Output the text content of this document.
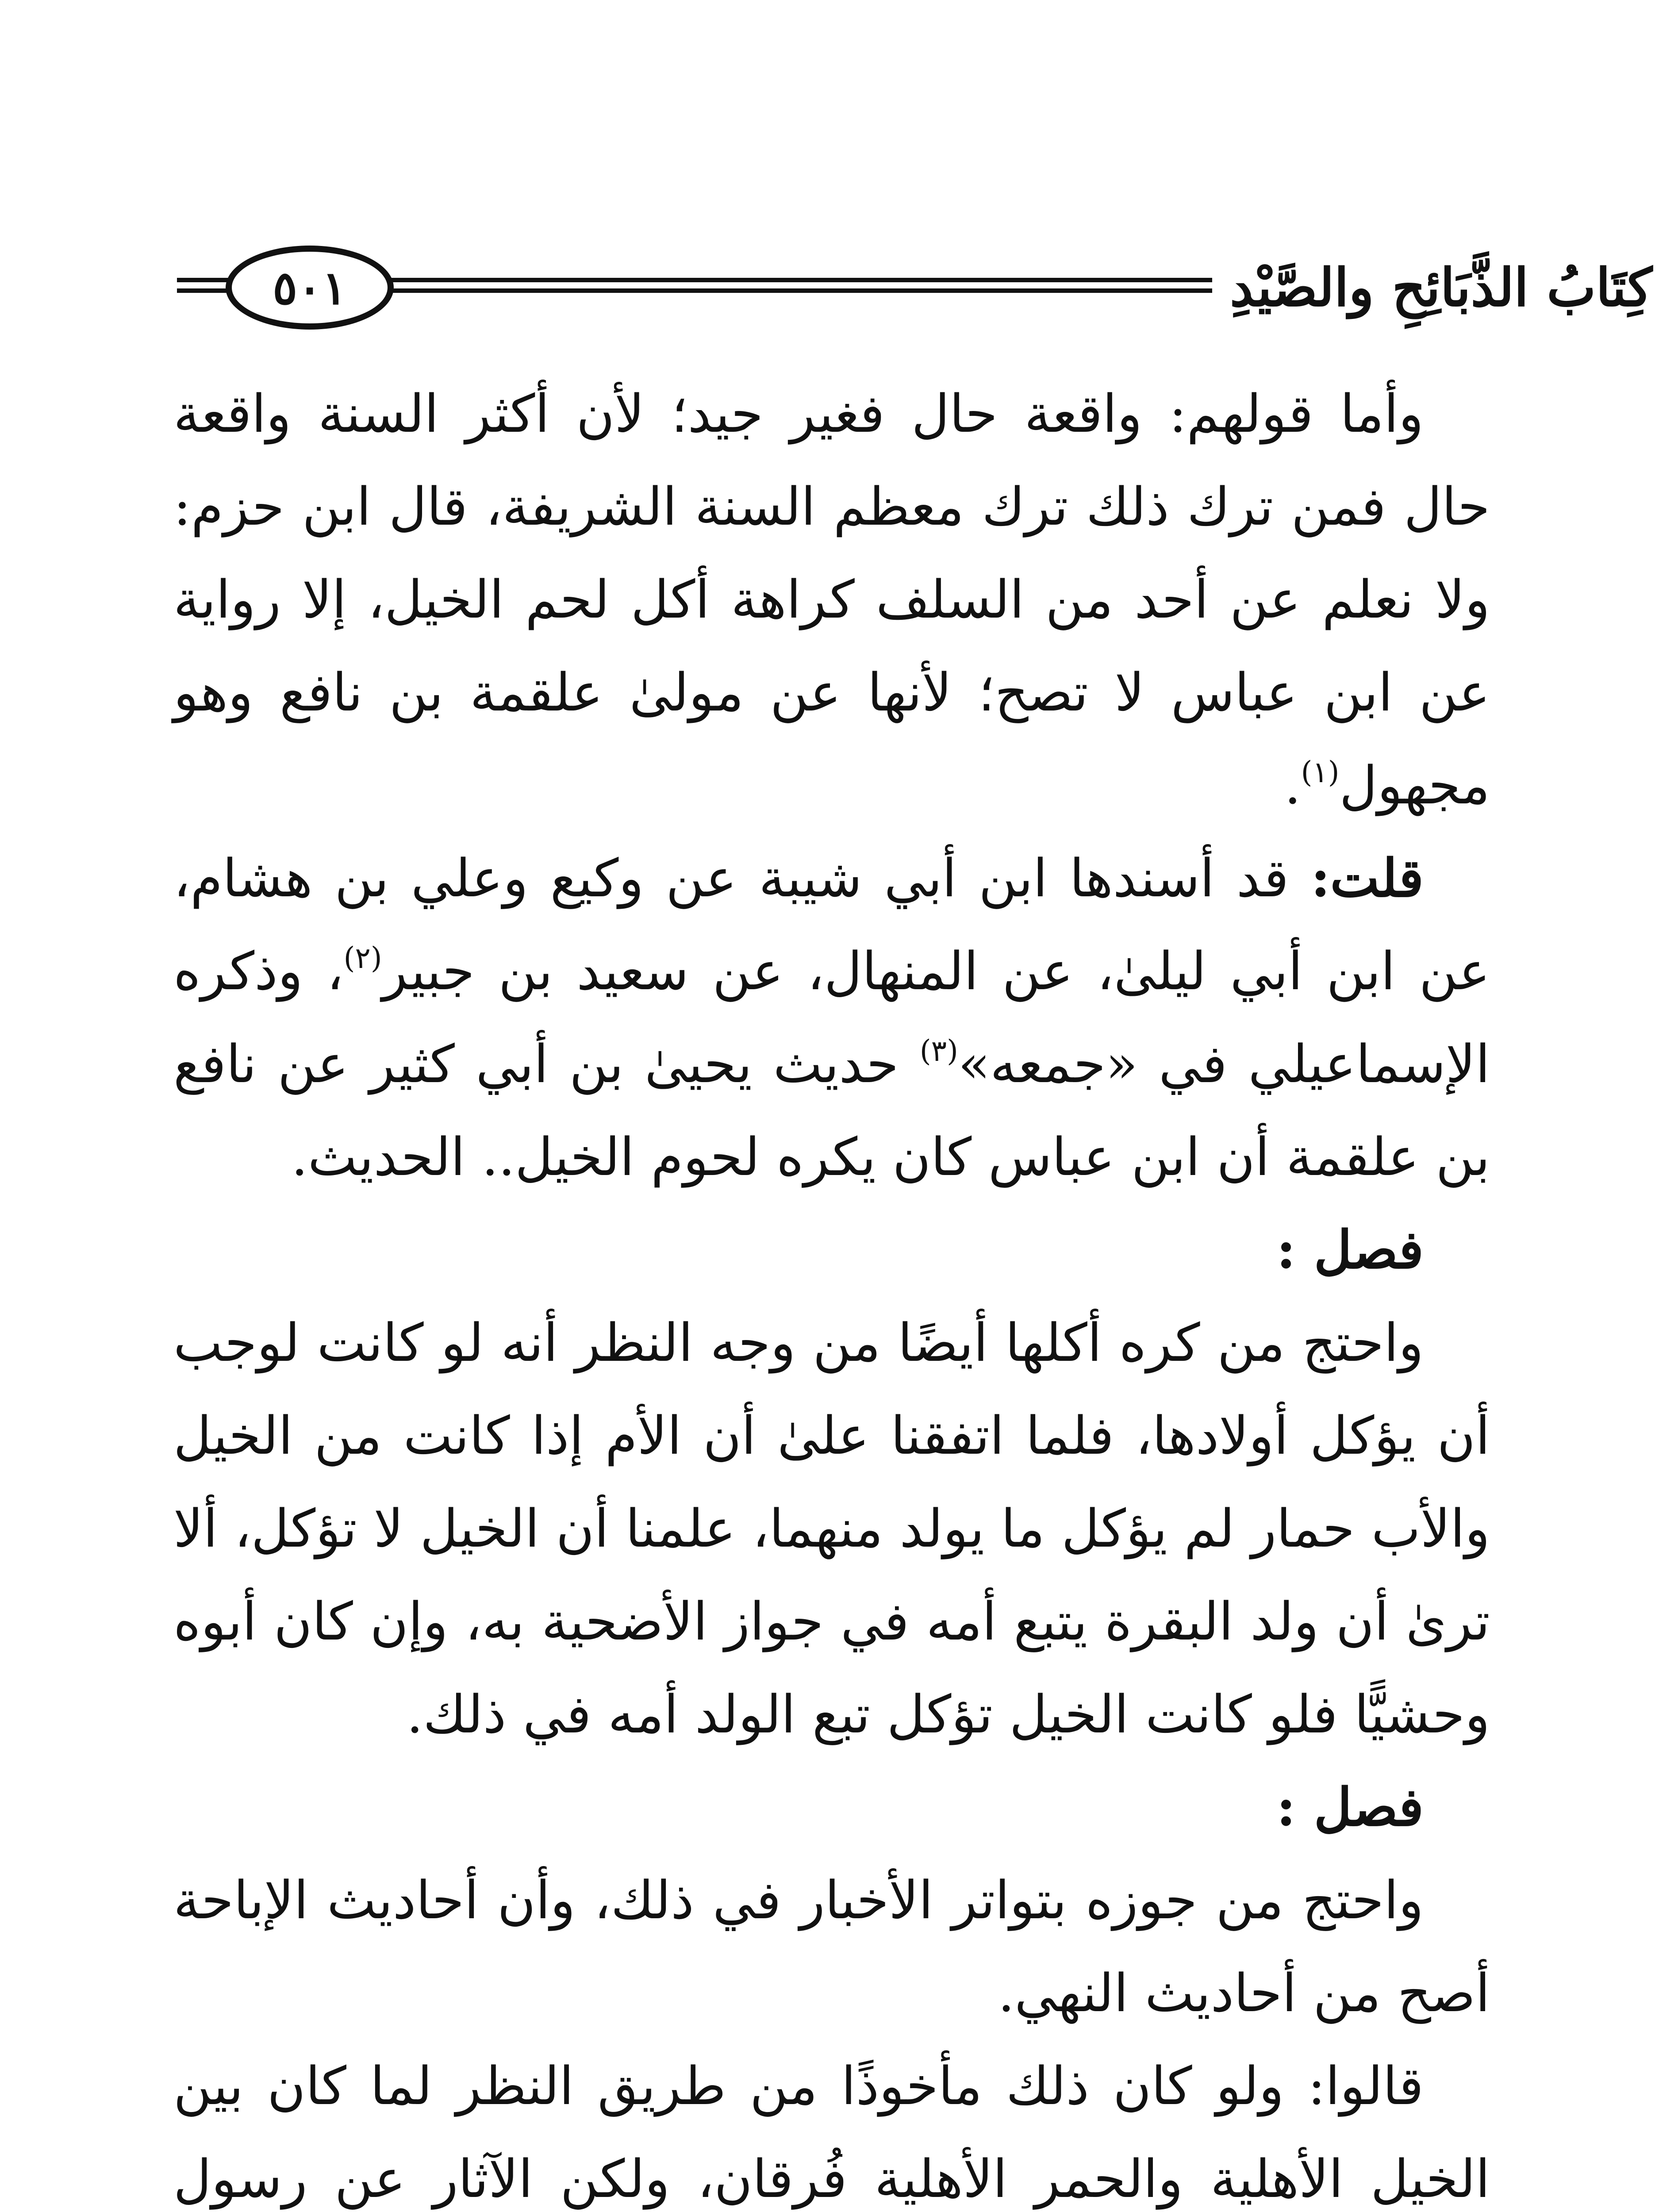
كِتَابُ الذَّبَائِحِ والصَّيْدِ
٥٠١

وأما قولهم: واقعة حال فغير جيد؛ لأن أكثر السنة واقعة حال فمن ترك ذلك ترك معظم السنة الشريفة، قال ابن حزم: ولا نعلم عن أحد من السلف كراهة أكل لحم الخيل، إلا رواية عن ابن عباس لا تصح؛ لأنها عن مولىٰ علقمة بن نافع وهو مجهول$^{(١)}$.

قلت: قد أسندها ابن أبي شيبة عن وكيع وعلي بن هشام، عن ابن أبي ليلىٰ، عن المنهال، عن سعيد بن جبير$^{(٢)}$، وذكره الإسماعيلي في «جمعه»$^{(٣)}$ حديث يحيىٰ بن أبي كثير عن نافع بن علقمة أن ابن عباس كان يكره لحوم الخيل.. الحديث.

فصل :

واحتج من كره أكلها أيضًا من وجه النظر أنه لو كانت لوجب أن يؤكل أولادها، فلما اتفقنا علىٰ أن الأم إذا كانت من الخيل والأب حمار لم يؤكل ما يولد منهما، علمنا أن الخيل لا تؤكل، ألا ترىٰ أن ولد البقرة يتبع أمه في جواز الأضحية به، وإن كان أبوه وحشيًّا فلو كانت الخيل تؤكل تبع الولد أمه في ذلك.

فصل :

واحتج من جوزه بتواتر الأخبار في ذلك، وأن أحاديث الإباحة أصح من أحاديث النهي.

قالوا: ولو كان ذلك مأخوذًا من طريق النظر لما كان بين الخيل الأهلية والحمر الأهلية فُرقان، ولكن الآثار عن رسول
